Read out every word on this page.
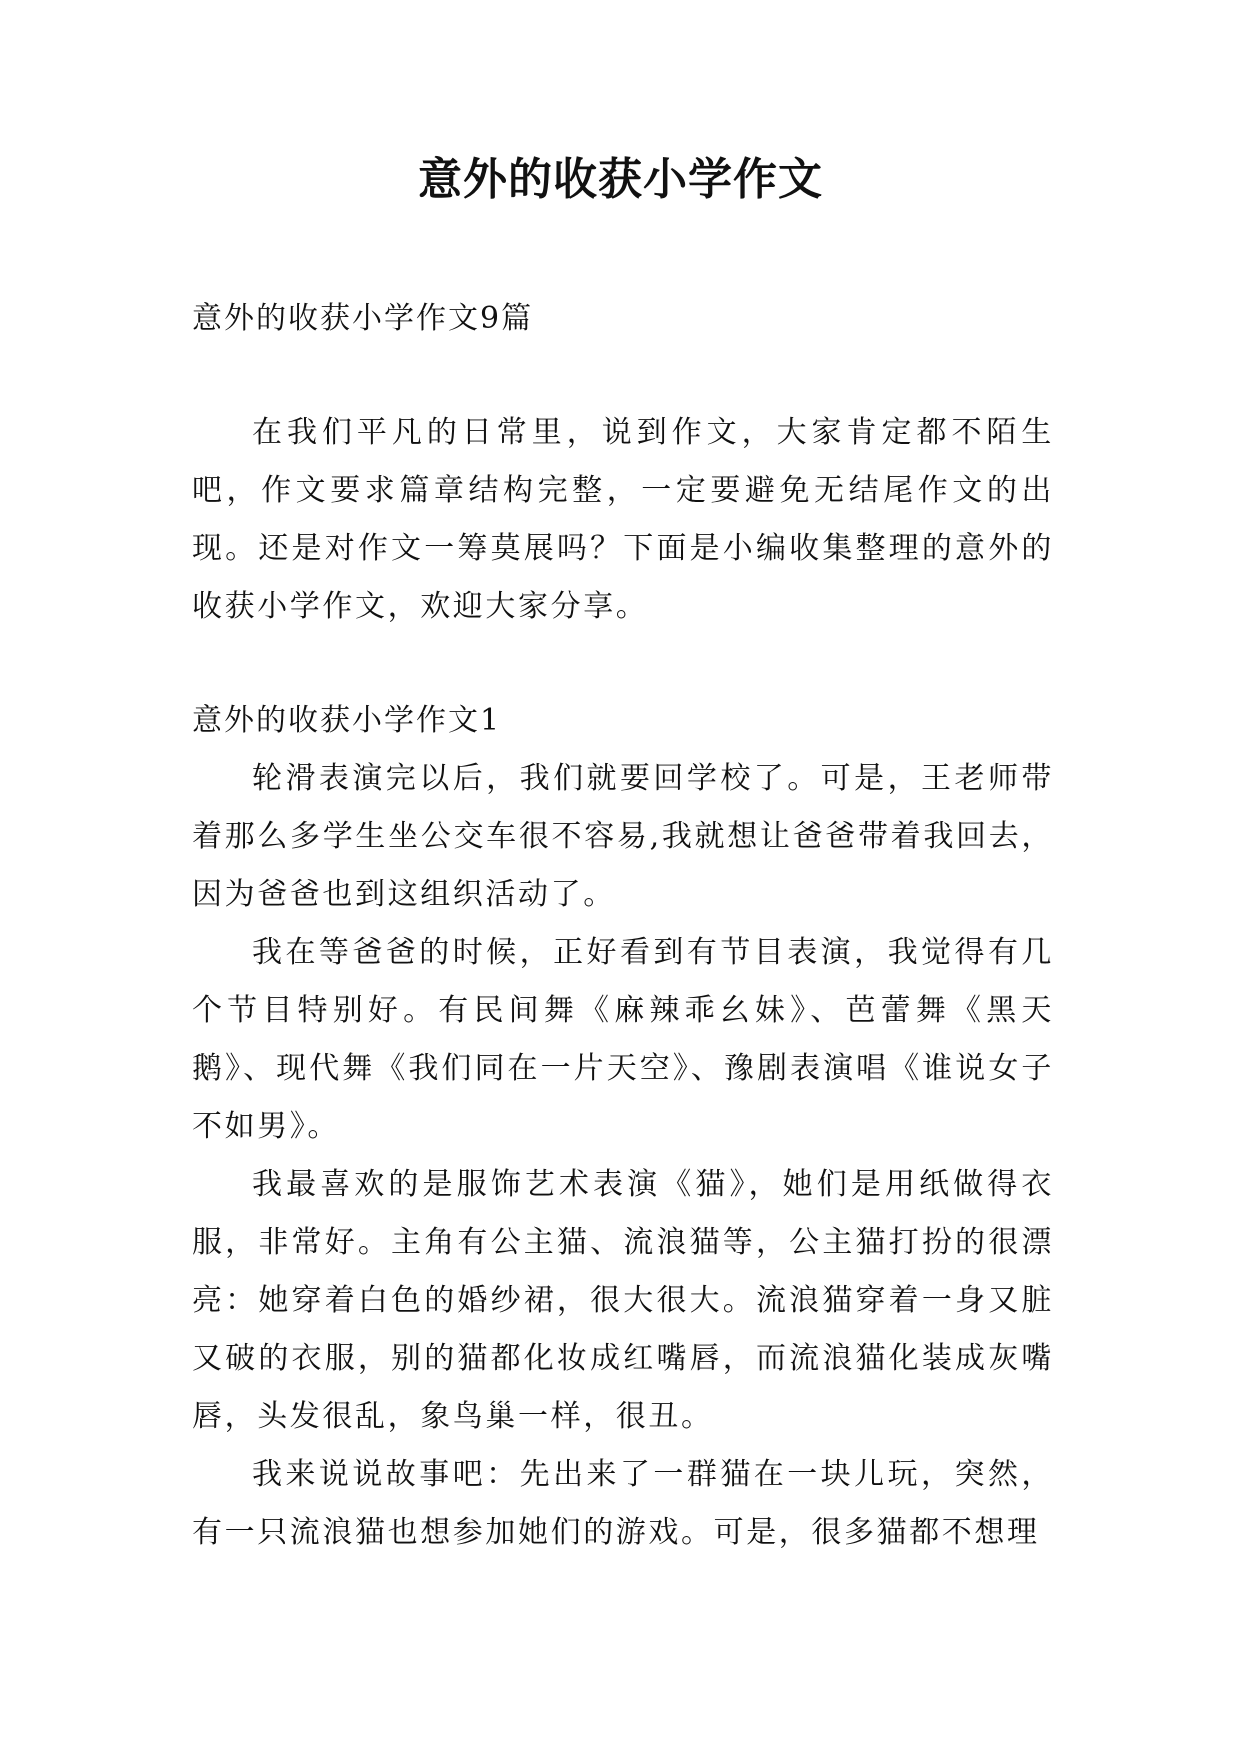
意外的收获小学作文
意外的收获小学作文9篇
在我们平凡的日常里，说到作文，大家肯定都不陌生吧，作文要求篇章结构完整，一定要避免无结尾作文的出现。还是对作文一筹莫展吗？下面是小编收集整理的意外的收获小学作文，欢迎大家分享。
意外的收获小学作文1

轮滑表演完以后，我们就要回学校了。可是，王老师带着那么多学生坐公交车很不容易,我就想让爸爸带着我回去，因为爸爸也到这组织活动了。

我在等爸爸的时候，正好看到有节目表演，我觉得有几个节目特别好。有民间舞《麻辣乖幺妹》、芭蕾舞《黑天鹅》、现代舞《我们同在一片天空》、豫剧表演唱《谁说女子不如男》。

我最喜欢的是服饰艺术表演《猫》，她们是用纸做得衣服，非常好。主角有公主猫、流浪猫等，公主猫打扮的很漂亮：她穿着白色的婚纱裙，很大很大。流浪猫穿着一身又脏又破的衣服，别的猫都化妆成红嘴唇，而流浪猫化装成灰嘴唇，头发很乱，象鸟巢一样，很丑。

我来说说故事吧：先出来了一群猫在一块儿玩，突然，有一只流浪猫也想参加她们的游戏。可是，很多猫都不想理
